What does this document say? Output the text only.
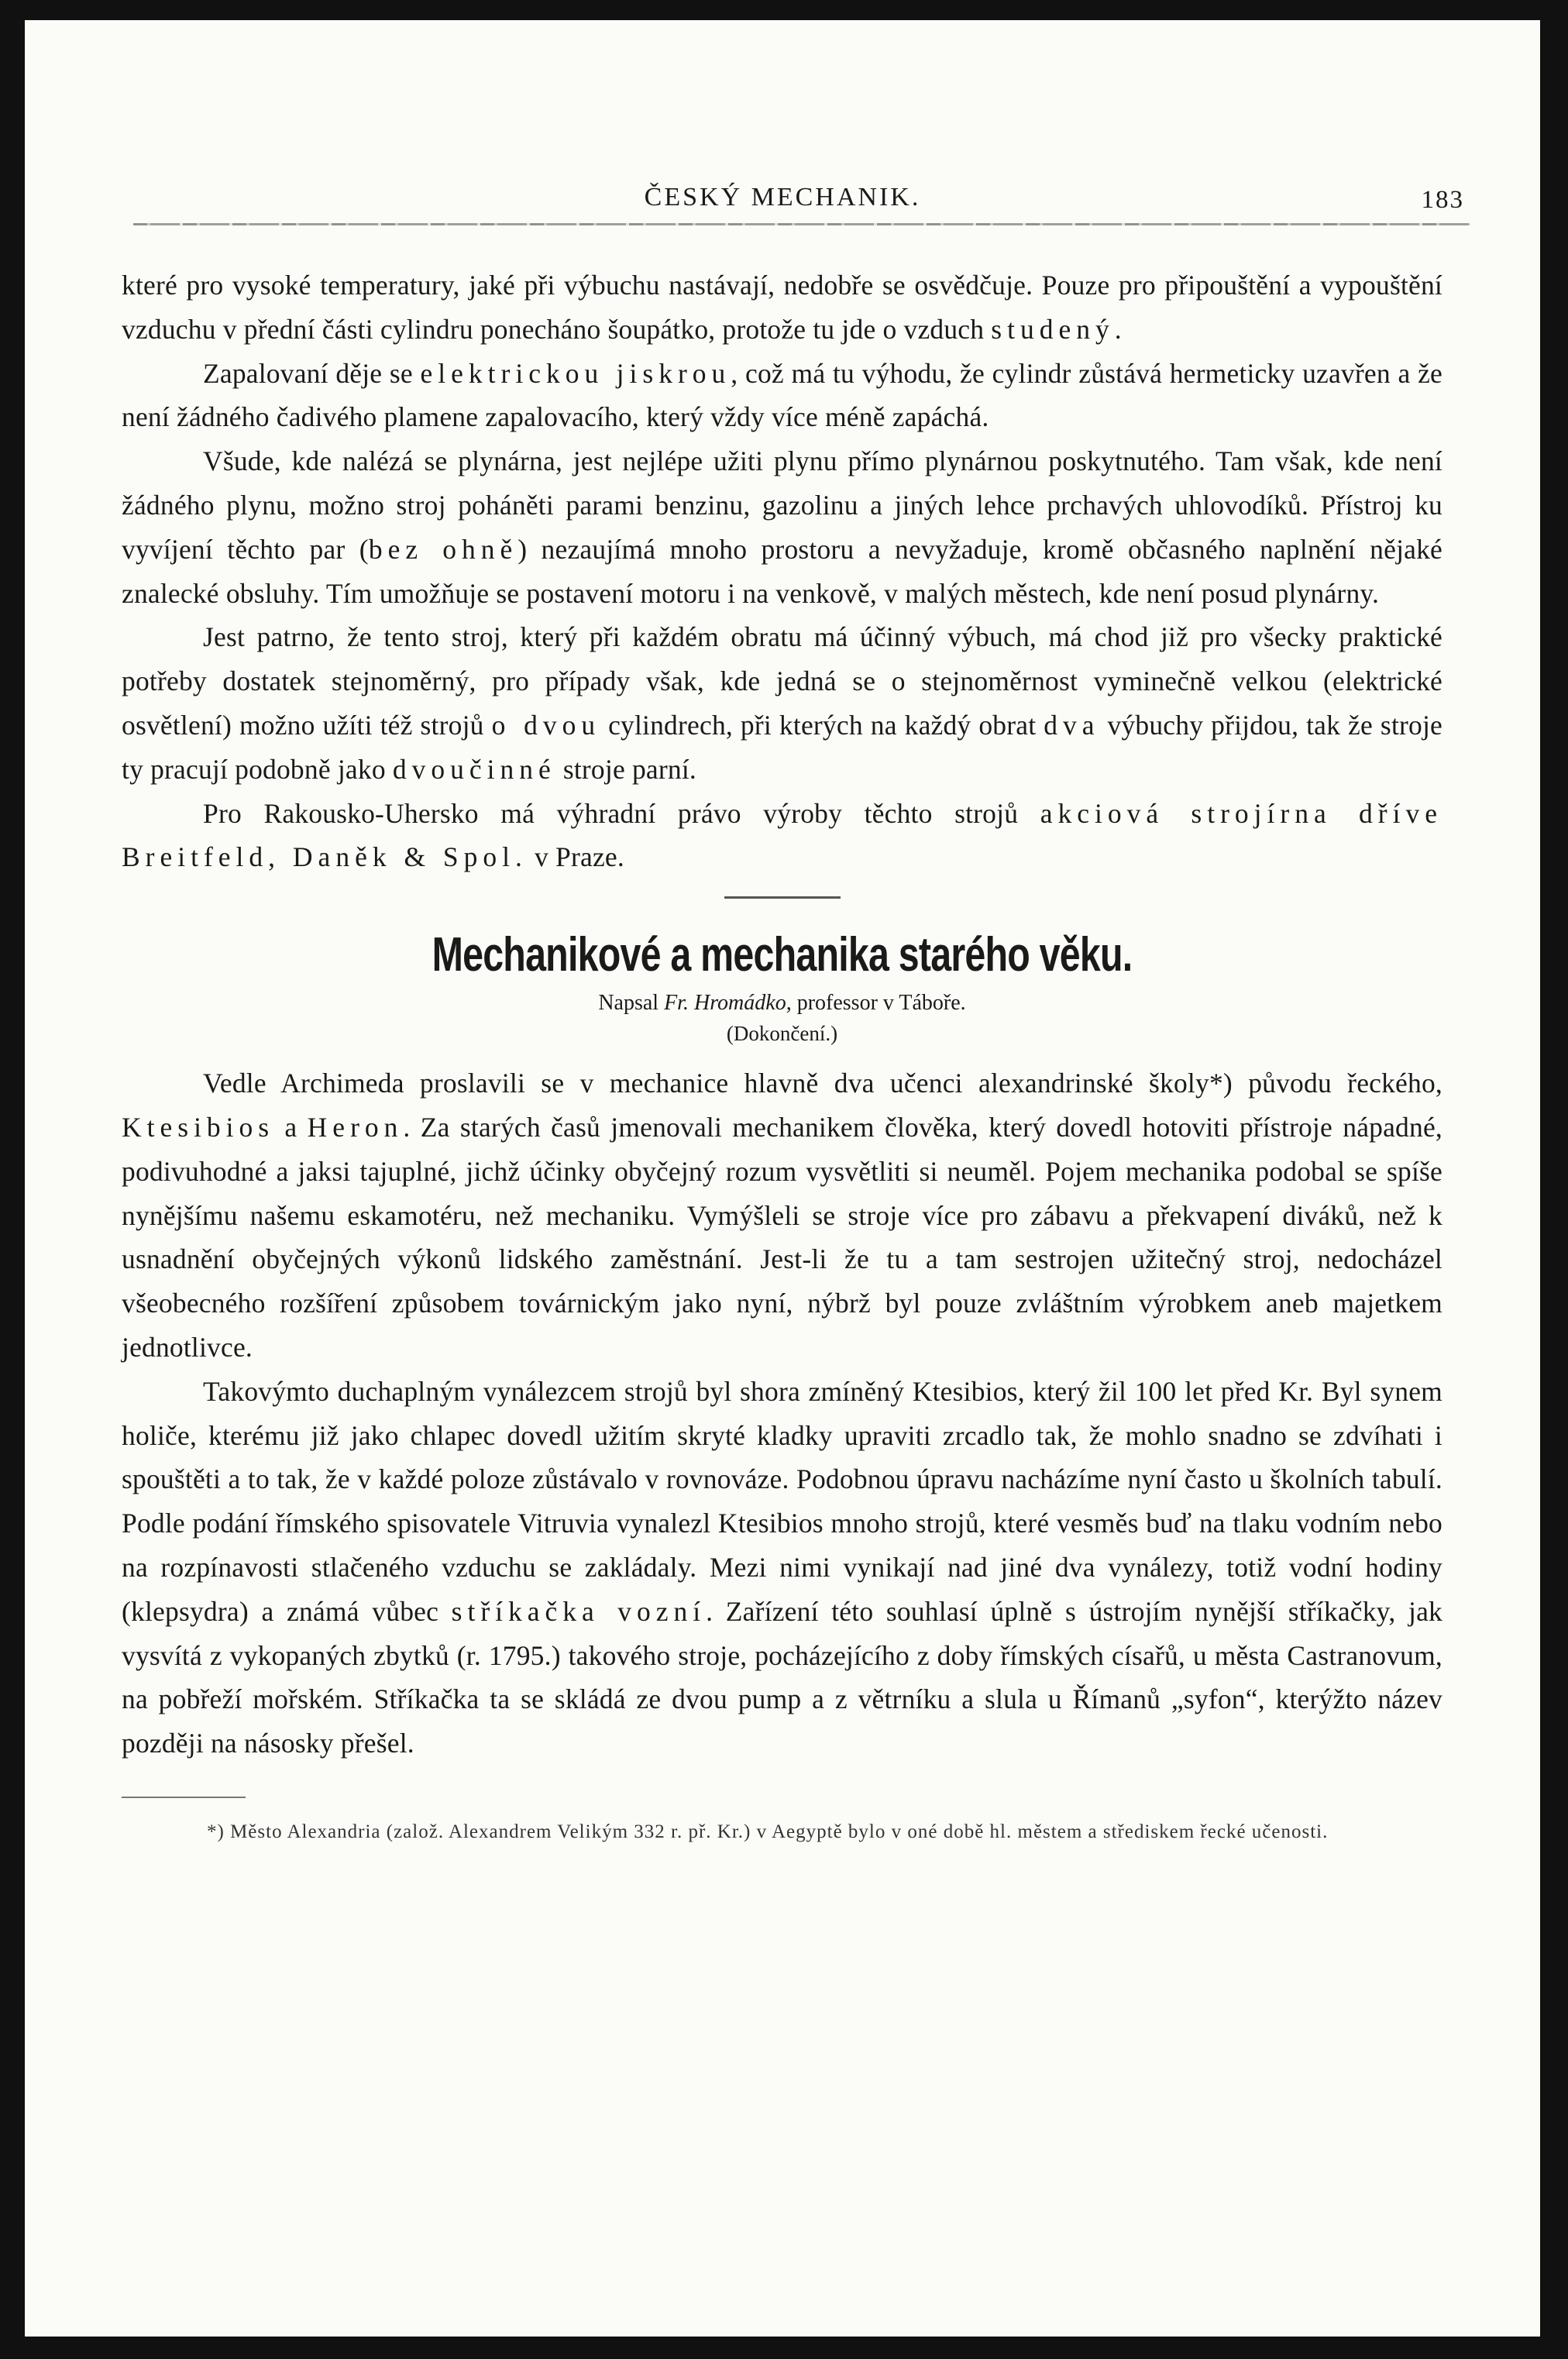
ČESKÝ MECHANIK.	183

které pro vysoké temperatury, jaké při výbuchu nastávají, nedobře se osvědčuje. Pouze pro připouštění a vypouštění vzduchu v přední části cylindru ponecháno šoupátko, protože tu jde o vzduch studený.

Zapalovaní děje se elektrickou jiskrou, což má tu výhodu, že cylindr zůstává hermeticky uzavřen a že není žádného čadivého plamene zapalovacího, který vždy více méně zapáchá.

Všude, kde nalézá se plynárna, jest nejlépe užiti plynu přímo plynárnou poskytnutého. Tam však, kde není žádného plynu, možno stroj poháněti parami benzinu, gazolinu a jiných lehce prchavých uhlovodíků. Přístroj ku vyvíjení těchto par (bez ohně) nezaujímá mnoho prostoru a nevyžaduje, kromě občasného naplnění nějaké znalecké obsluhy. Tím umožňuje se postavení motoru i na venkově, v malých městech, kde není posud plynárny.

Jest patrno, že tento stroj, který při každém obratu má účinný výbuch, má chod již pro všecky praktické potřeby dostatek stejnoměrný, pro případy však, kde jedná se o stejnoměrnost vyminečně velkou (elektrické osvětlení) možno užíti též strojů o dvou cylindrech, při kterých na každý obrat dva výbuchy přijdou, tak že stroje ty pracují podobně jako dvoučinné stroje parní.

Pro Rakousko-Uhersko má výhradní právo výroby těchto strojů akciová strojírna dříve Breitfeld, Daněk & Spol. v Praze.

Mechanikové a mechanika starého věku.
Napsal Fr. Hromádko, professor v Táboře.
(Dokončení.)

Vedle Archimeda proslavili se v mechanice hlavně dva učenci alexandrinské školy*) původu řeckého, Ktesibios a Heron. Za starých časů jmenovali mechanikem člověka, který dovedl hotoviti přístroje nápadné, podivuhodné a jaksi tajuplné, jichž účinky obyčejný rozum vysvětliti si neuměl. Pojem mechanika podobal se spíše nynějšímu našemu eskamotéru, než mechaniku. Vymýšleli se stroje více pro zábavu a překvapení diváků, než k usnadnění obyčejných výkonů lidského zaměstnání. Jest-li že tu a tam sestrojen užitečný stroj, nedocházel všeobecného rozšíření způsobem továrnickým jako nyní, nýbrž byl pouze zvláštním výrobkem aneb majetkem jednotlivce.

Takovýmto duchaplným vynálezcem strojů byl shora zmíněný Ktesibios, který žil 100 let před Kr. Byl synem holiče, kterému již jako chlapec dovedl užitím skryté kladky upraviti zrcadlo tak, že mohlo snadno se zdvíhati i spouštěti a to tak, že v každé poloze zůstávalo v rovnováze. Podobnou úpravu nacházíme nyní často u školních tabulí. Podle podání římského spisovatele Vitruvia vynalezl Ktesibios mnoho strojů, které vesměs buď na tlaku vodním nebo na rozpínavosti stlačeného vzduchu se zakládaly. Mezi nimi vynikají nad jiné dva vynálezy, totiž vodní hodiny (klepsydra) a známá vůbec stříkačka vozní. Zařízení této souhlasí úplně s ústrojím nynější stříkačky, jak vysvítá z vykopaných zbytků (r. 1795.) takového stroje, pocházejícího z doby římských císařů, u města Castranovum, na pobřeží mořském. Stříkačka ta se skládá ze dvou pump a z větrníku a slula u Římanů „syfon“, kterýžto název později na násosky přešel.

*) Město Alexandria (založ. Alexandrem Velikým 332 r. př. Kr.) v Aegyptě bylo v oné době hl. městem a střediskem řecké učenosti.
